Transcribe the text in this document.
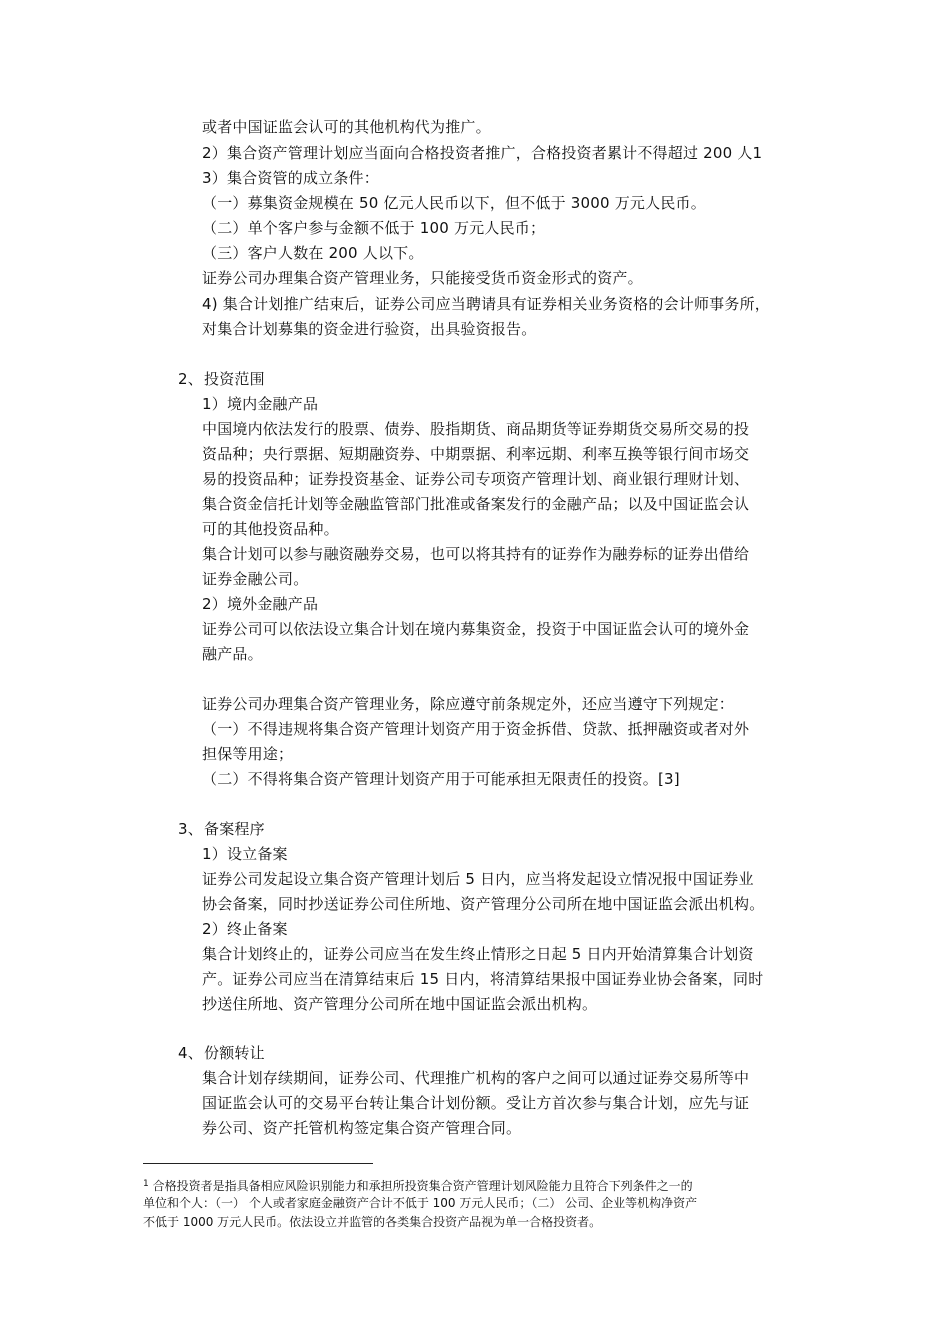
或者中国证监会认可的其他机构代为推广。
2）集合资产管理计划应当面向合格投资者推广，合格投资者累计不得超过 200 人1
3）集合资管的成立条件：
（一）募集资金规模在 50 亿元人民币以下，但不低于 3000 万元人民币。
（二）单个客户参与金额不低于 100 万元人民币；
（三）客户人数在 200 人以下。
证券公司办理集合资产管理业务，只能接受货币资金形式的资产。
4) 集合计划推广结束后，证券公司应当聘请具有证券相关业务资格的会计师事务所，
对集合计划募集的资金进行验资，出具验资报告。
2、投资范围
1）境内金融产品
中国境内依法发行的股票、债券、股指期货、商品期货等证券期货交易所交易的投
资品种；央行票据、短期融资券、中期票据、利率远期、利率互换等银行间市场交
易的投资品种；证券投资基金、证券公司专项资产管理计划、商业银行理财计划、
集合资金信托计划等金融监管部门批准或备案发行的金融产品；以及中国证监会认
可的其他投资品种。
集合计划可以参与融资融券交易，也可以将其持有的证券作为融券标的证券出借给
证券金融公司。
2）境外金融产品
证券公司可以依法设立集合计划在境内募集资金，投资于中国证监会认可的境外金
融产品。
证券公司办理集合资产管理业务，除应遵守前条规定外，还应当遵守下列规定：
（一）不得违规将集合资产管理计划资产用于资金拆借、贷款、抵押融资或者对外
担保等用途；
（二）不得将集合资产管理计划资产用于可能承担无限责任的投资。[3]
3、备案程序
1）设立备案
证券公司发起设立集合资产管理计划后 5 日内，应当将发起设立情况报中国证券业
协会备案，同时抄送证券公司住所地、资产管理分公司所在地中国证监会派出机构。
2）终止备案
集合计划终止的，证券公司应当在发生终止情形之日起 5 日内开始清算集合计划资
产。证券公司应当在清算结束后 15 日内，将清算结果报中国证券业协会备案，同时
抄送住所地、资产管理分公司所在地中国证监会派出机构。
4、份额转让
集合计划存续期间，证券公司、代理推广机构的客户之间可以通过证券交易所等中
国证监会认可的交易平台转让集合计划份额。受让方首次参与集合计划，应先与证
券公司、资产托管机构签定集合资产管理合同。
$^1$ 合格投资者是指具备相应风险识别能力和承担所投资集合资产管理计划风险能力且符合下列条件之一的
单位和个人：（一） 个人或者家庭金融资产合计不低于 100 万元人民币；（二） 公司、企业等机构净资产
不低于 1000 万元人民币。依法设立并监管的各类集合投资产品视为单一合格投资者。
